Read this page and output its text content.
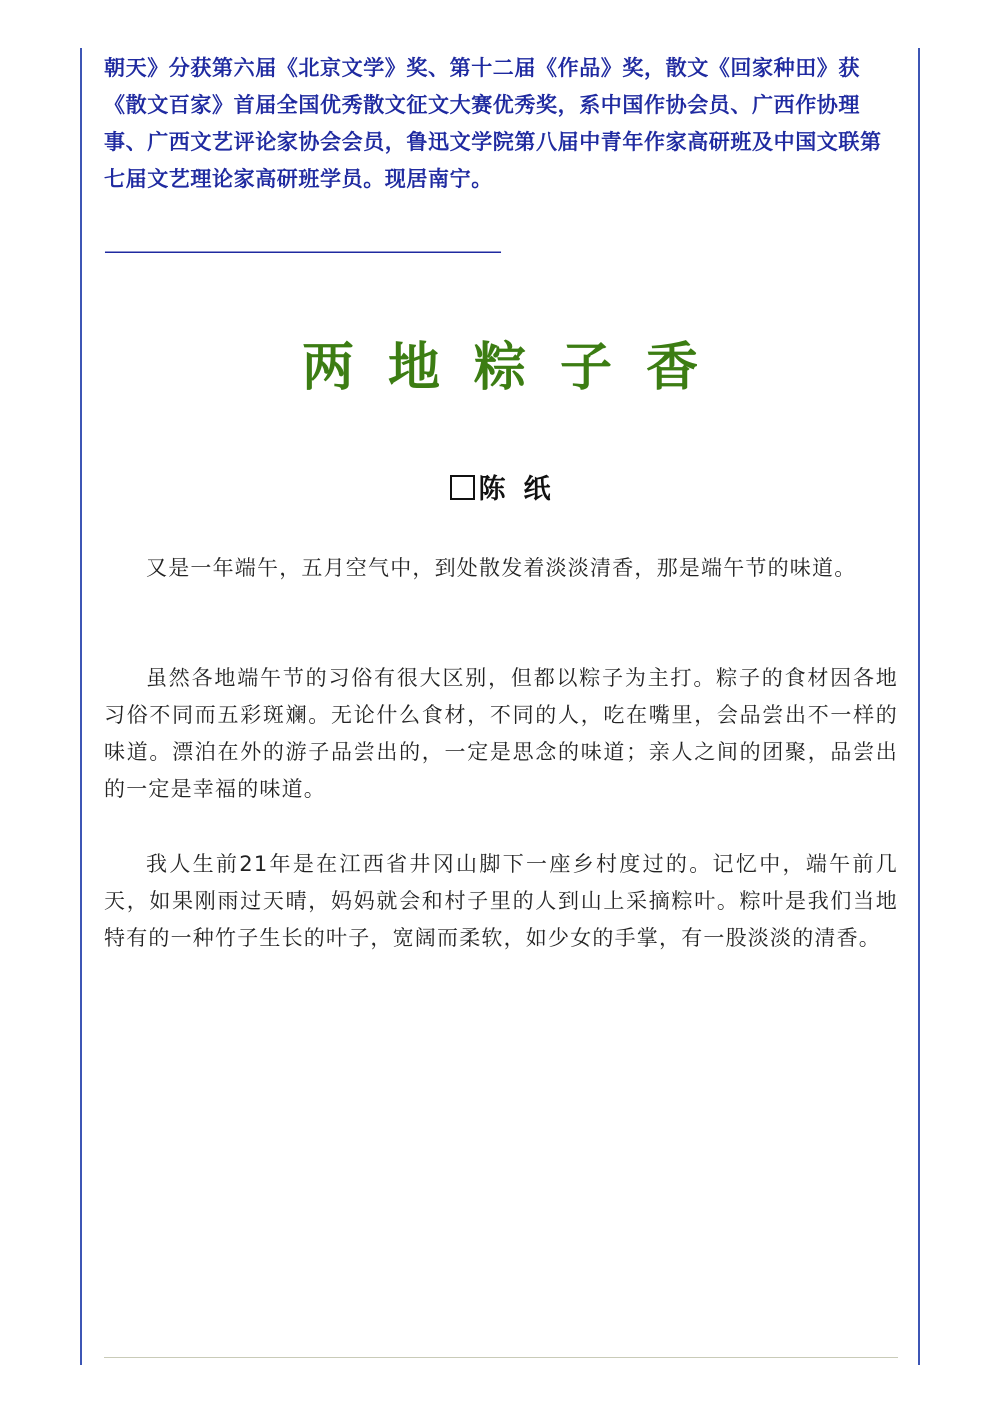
朝天》分获第六届《北京文学》奖、第十二届《作品》奖，散文《回家种田》获《散文百家》首届全国优秀散文征文大赛优秀奖，系中国作协会员、广西作协理事、广西文艺评论家协会会员，鲁迅文学院第八届中青年作家高研班及中国文联第七届文艺理论家高研班学员。现居南宁。

——————————————————————

两地粽子香

陈 纸

又是一年端午，五月空气中，到处散发着淡淡清香，那是端午节的味道。

虽然各地端午节的习俗有很大区别，但都以粽子为主打。粽子的食材因各地习俗不同而五彩斑斓。无论什么食材，不同的人，吃在嘴里，会品尝出不一样的味道。漂泊在外的游子品尝出的，一定是思念的味道；亲人之间的团聚，品尝出的一定是幸福的味道。

我人生前21年是在江西省井冈山脚下一座乡村度过的。记忆中，端午前几天，如果刚雨过天晴，妈妈就会和村子里的人到山上采摘粽叶。粽叶是我们当地特有的一种竹子生长的叶子，宽阔而柔软，如少女的手掌，有一股淡淡的清香。
